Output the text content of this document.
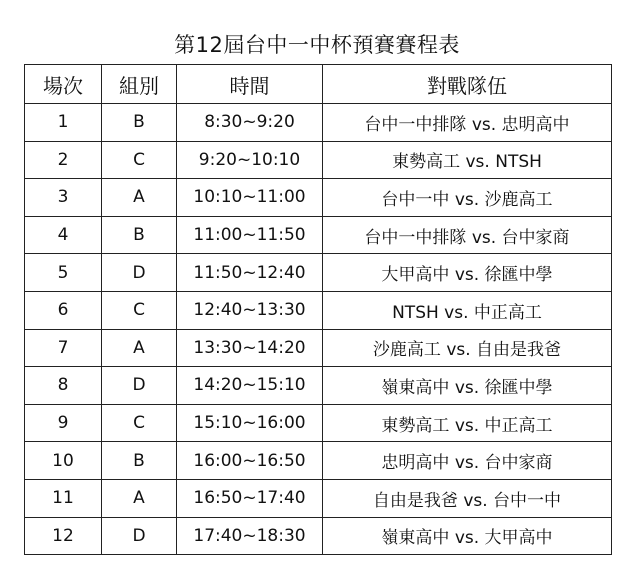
第12屆台中一中杯預賽賽程表
場次	組別	時間	對戰隊伍
1	B	8:30~9:20	台中一中排隊 vs. 忠明高中
2	C	9:20~10:10	東勢高工 vs. NTSH
3	A	10:10~11:00	台中一中 vs. 沙鹿高工
4	B	11:00~11:50	台中一中排隊 vs. 台中家商
5	D	11:50~12:40	大甲高中 vs. 徐匯中學
6	C	12:40~13:30	NTSH vs. 中正高工
7	A	13:30~14:20	沙鹿高工 vs. 自由是我爸
8	D	14:20~15:10	嶺東高中 vs. 徐匯中學
9	C	15:10~16:00	東勢高工 vs. 中正高工
10	B	16:00~16:50	忠明高中 vs. 台中家商
11	A	16:50~17:40	自由是我爸 vs. 台中一中
12	D	17:40~18:30	嶺東高中 vs. 大甲高中
